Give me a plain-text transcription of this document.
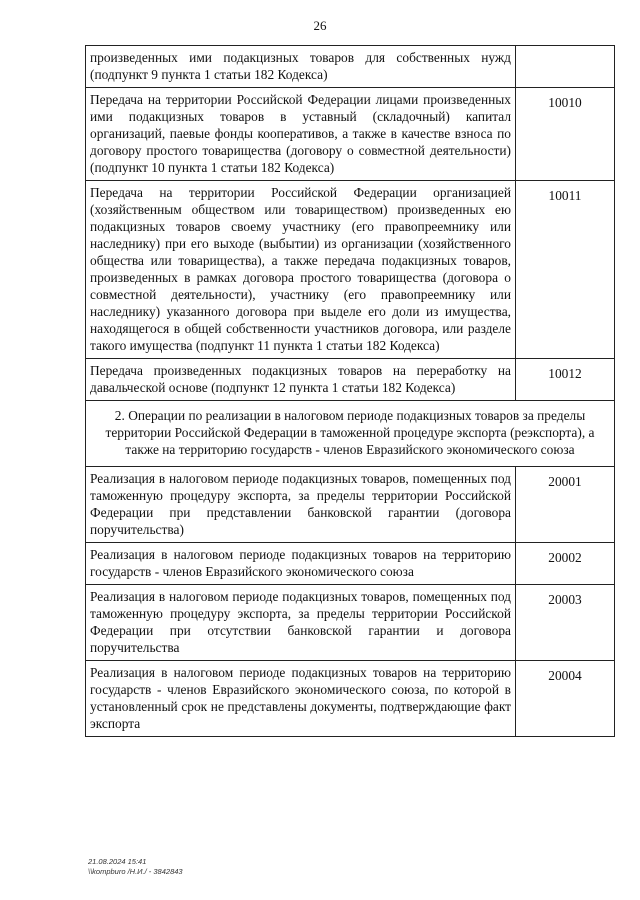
26
произведенных ими подакцизных товаров для собственных нужд (подпункт 9 пункта 1 статьи 182 Кодекса)	
Передача на территории Российской Федерации лицами произведенных ими подакцизных товаров в уставный (складочный) капитал организаций, паевые фонды кооперативов, а также в качестве взноса по договору простого товарищества (договору о совместной деятельности) (подпункт 10 пункта 1 статьи 182 Кодекса)	10010
Передача на территории Российской Федерации организацией (хозяйственным обществом или товариществом) произведенных ею подакцизных товаров своему участнику (его правопреемнику или наследнику) при его выходе (выбытии) из организации (хозяйственного общества или товарищества), а также передача подакцизных товаров, произведенных в рамках договора простого товарищества (договора о совместной деятельности), участнику (его правопреемнику или наследнику) указанного договора при выделе его доли из имущества, находящегося в общей собственности участников договора, или разделе такого имущества (подпункт 11 пункта 1 статьи 182 Кодекса)	10011
Передача произведенных подакцизных товаров на переработку на давальческой основе (подпункт 12 пункта 1 статьи 182 Кодекса)	10012
2. Операции по реализации в налоговом периоде подакцизных товаров за пределы территории Российской Федерации в таможенной процедуре экспорта (реэкспорта), а также на территорию государств - членов Евразийского экономического союза	
Реализация в налоговом периоде подакцизных товаров, помещенных под таможенную процедуру экспорта, за пределы территории Российской Федерации при представлении банковской гарантии (договора поручительства)	20001
Реализация в налоговом периоде подакцизных товаров на территорию государств - членов Евразийского экономического союза	20002
Реализация в налоговом периоде подакцизных товаров, помещенных под таможенную процедуру экспорта, за пределы территории Российской Федерации при отсутствии банковской гарантии и договора поручительства	20003
Реализация в налоговом периоде подакцизных товаров на территорию государств - членов Евразийского экономического союза, по которой в установленный срок не представлены документы, подтверждающие факт экспорта	20004
21.08.2024 15:41
\\kompburo /Н.И./ - 3842843
